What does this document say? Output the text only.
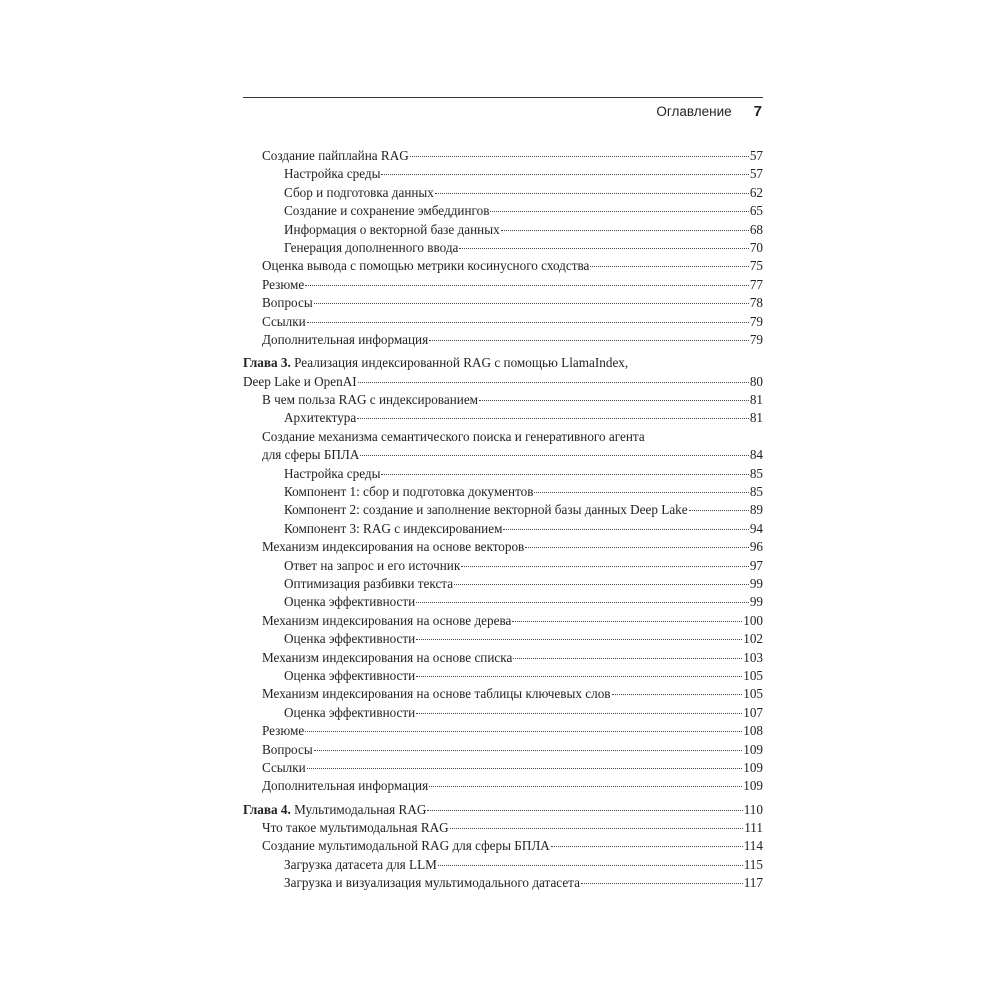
Оглавление 7
Создание пайплайна RAG	57
Настройка среды	57
Сбор и подготовка данных	62
Создание и сохранение эмбеддингов	65
Информация о векторной базе данных	68
Генерация дополненного ввода	70
Оценка вывода с помощью метрики косинусного сходства	75
Резюме	77
Вопросы	78
Ссылки	79
Дополнительная информация	79
Глава 3. Реализация индексированной RAG с помощью LlamaIndex,
Deep Lake и OpenAI	80
В чем польза RAG с индексированием	81
Архитектура	81
Создание механизма семантического поиска и генеративного агента
для сферы БПЛА	84
Настройка среды	85
Компонент 1: сбор и подготовка документов	85
Компонент 2: создание и заполнение векторной базы данных Deep Lake	89
Компонент 3: RAG с индексированием	94
Механизм индексирования на основе векторов	96
Ответ на запрос и его источник	97
Оптимизация разбивки текста	99
Оценка эффективности	99
Механизм индексирования на основе дерева	100
Оценка эффективности	102
Механизм индексирования на основе списка	103
Оценка эффективности	105
Механизм индексирования на основе таблицы ключевых слов	105
Оценка эффективности	107
Резюме	108
Вопросы	109
Ссылки	109
Дополнительная информация	109
Глава 4. Мультимодальная RAG	110
Что такое мультимодальная RAG	111
Создание мультимодальной RAG для сферы БПЛА	114
Загрузка датасета для LLM	115
Загрузка и визуализация мультимодального датасета	117
